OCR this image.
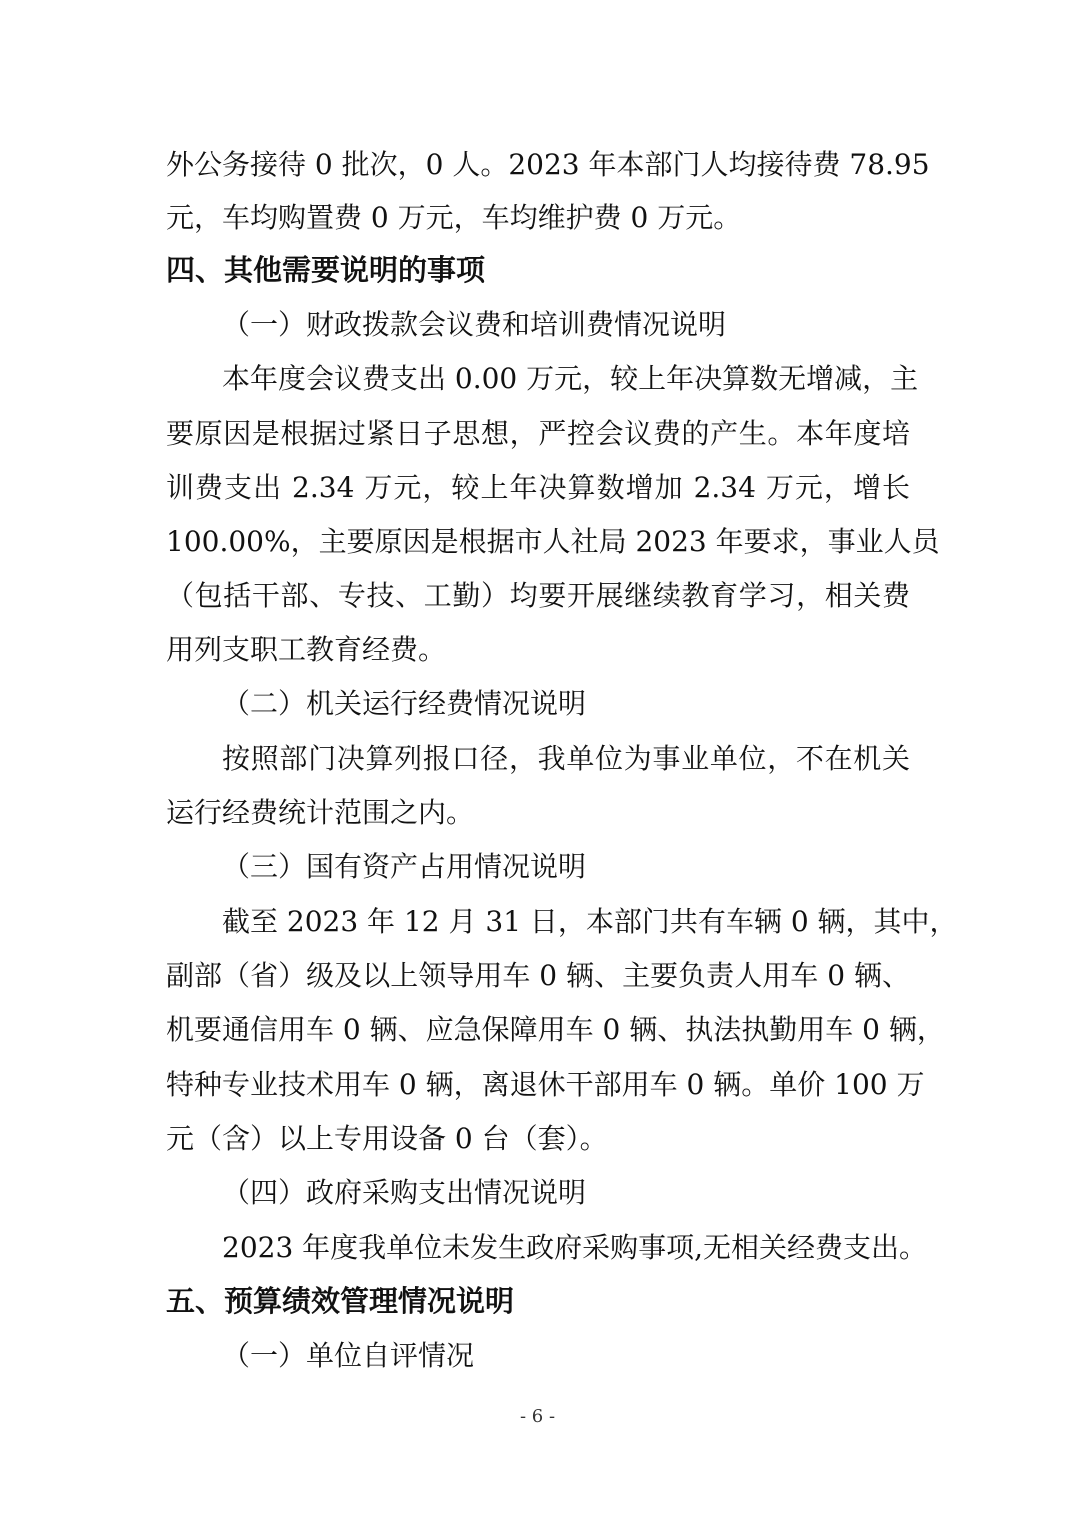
外公务接待 0 批次，0 人。2023 年本部门人均接待费 78.95
元，车均购置费 0 万元，车均维护费 0 万元。
四、其他需要说明的事项
（一）财政拨款会议费和培训费情况说明
本年度会议费支出 0.00 万元，较上年决算数无增减，主
要原因是根据过紧日子思想，严控会议费的产生。本年度培
训费支出 2.34 万元，较上年决算数增加 2.34 万元，增长
100.00%，主要原因是根据市人社局 2023 年要求，事业人员
（包括干部、专技、工勤）均要开展继续教育学习，相关费
用列支职工教育经费。
（二）机关运行经费情况说明
按照部门决算列报口径，我单位为事业单位，不在机关
运行经费统计范围之内。
（三）国有资产占用情况说明
截至 2023 年 12 月 31 日，本部门共有车辆 0 辆，其中，
副部（省）级及以上领导用车 0 辆、主要负责人用车 0 辆、
机要通信用车 0 辆、应急保障用车 0 辆、执法执勤用车 0 辆，
特种专业技术用车 0 辆，离退休干部用车 0 辆。单价 100 万
元（含）以上专用设备 0 台（套）。
（四）政府采购支出情况说明
2023 年度我单位未发生政府采购事项,无相关经费支出。
五、预算绩效管理情况说明
（一）单位自评情况
- 6 -
